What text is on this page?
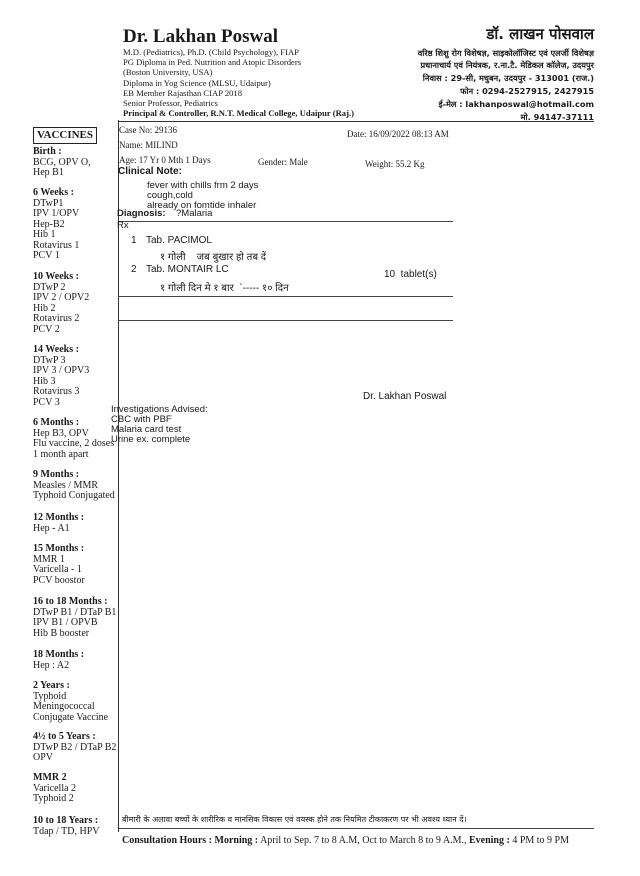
Dr. Lakhan Poswal
M.D. (Pediatrics), Ph.D. (Child Psychology), FIAP
PG Diploma in Ped. Nutrition and Atopic Disorders
(Boston University, USA)
Diploma in Yog Science (MLSU, Udaipur)
EB Member Rajasthan CIAP 2018
Senior Professor, Pediatrics
Principal & Controller, R.N.T. Medical College, Udaipur (Raj.)
डॉ. लाखन पोसवाल
वरिष्ठ शिशु रोग विशेषज्ञ, साइकोलॉजिस्ट एवं एलर्जी विशेषज्ञ
प्रधानाचार्य एवं नियंत्रक, र.ना.टै. मेडिकल कॉलेज, उदयपुर
निवास : 29-सी, मधुबन, उदयपुर - 313001 (राज.)
फोन : 0294-2527915, 2427915
ई-मेल : lakhanposwal@hotmail.com
मो. 94147-37111
VACCINES
Birth :
BCG, OPV O,
Hep B1
6 Weeks :
DTwP1
IPV 1/OPV
Hep-B2
Hib 1
Rotavirus 1
PCV 1
10 Weeks :
DTwP 2
IPV 2 / OPV2
Hib 2
Rotavirus 2
PCV 2
14 Weeks :
DTwP 3
IPV 3 / OPV3
Hib 3
Rotavirus 3
PCV 3
6 Months :
Hep B3, OPV
Flu vaccine, 2 doses
1 month apart
9 Months :
Measles / MMR
Typhoid Conjugated
12 Months :
Hep - A1
15 Months :
MMR 1
Varicella - 1
PCV boostor
16 to 18 Months :
DTwP B1 / DTaP B1
IPV B1 / OPVB
Hib B booster
18 Months :
Hep : A2
2 Years :
Typhoid
Meningococcal
Conjugate Vaccine
4½ to 5 Years :
DTwP B2 / DTaP B2
OPV
MMR 2
Varicella 2
Typhoid 2
10 to 18 Years :
Tdap / TD, HPV
Case No: 29136	Date: 16/09/2022 08:13 AM
Name: MILIND
Age: 17 Yr 0 Mth 1 Days	Gender: Male	Weight: 55.2 Kg
Clinical Note:
fever with chills frm 2 days
cough,cold
already on fomtide inhaler
Diagnosis: ?Malaria
Rx
1 Tab. PACIMOL
१ गोली    जब बुखार हो तब दें
2 Tab. MONTAIR LC	10  tablet(s)
१ गोली दिन मे १ बार  `----- १० दिन
Dr. Lakhan Poswal
Investigations Advised:
CBC with PBF
Malaria card test
Urine ex. complete
बीमारी के अलावा बच्चों के शारीरिक व मानसिक विकास एवं वयस्क होने तक नियमित टीकाकरण पर भी अवश्य ध्यान दें।
Consultation Hours : Morning : April to Sep. 7 to 8 A.M, Oct to March 8 to 9 A.M., Evening : 4 PM to 9 PM
